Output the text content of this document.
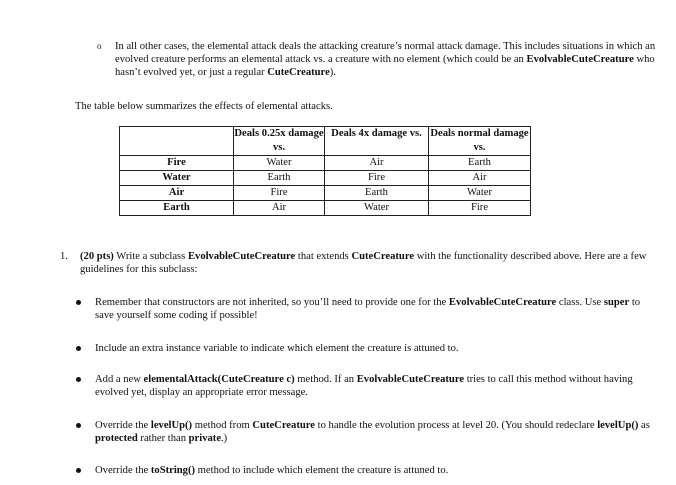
o In all other cases, the elemental attack deals the attacking creature’s normal attack damage. This includes situations in which an evolved creature performs an elemental attack vs. a creature with no element (which could be an EvolvableCuteCreature who hasn’t evolved yet, or just a regular CuteCreature).
The table below summarizes the effects of elemental attacks.
	Deals 0.25x damage vs.	Deals 4x damage vs.	Deals normal damage vs.
Fire	Water	Air	Earth
Water	Earth	Fire	Air
Air	Fire	Earth	Water
Earth	Air	Water	Fire
1. (20 pts) Write a subclass EvolvableCuteCreature that extends CuteCreature with the functionality described above. Here are a few guidelines for this subclass:
Remember that constructors are not inherited, so you’ll need to provide one for the EvolvableCuteCreature class. Use super to save yourself some coding if possible!
Include an extra instance variable to indicate which element the creature is attuned to.
Add a new elementalAttack(CuteCreature c) method. If an EvolvableCuteCreature tries to call this method without having evolved yet, display an appropriate error message.
Override the levelUp() method from CuteCreature to handle the evolution process at level 20. (You should redeclare levelUp() as protected rather than private.)
Override the toString() method to include which element the creature is attuned to.
